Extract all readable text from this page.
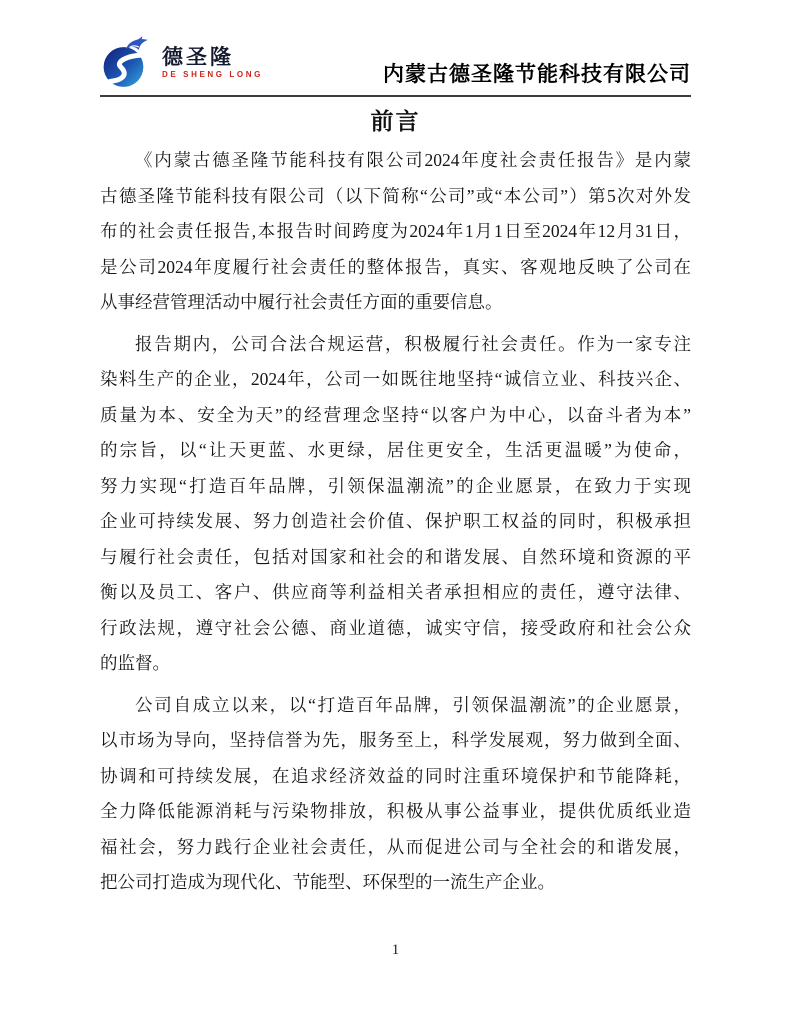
德圣隆
DE SHENG LONG	内蒙古德圣隆节能科技有限公司
前言
《内蒙古德圣隆节能科技有限公司2024年度社会责任报告》是内蒙
古德圣隆节能科技有限公司（以下简称“公司”或“本公司”）第5次对外发
布的社会责任报告,本报告时间跨度为2024年1月1日至2024年12月31日，
是公司2024年度履行社会责任的整体报告，真实、客观地反映了公司在
从事经营管理活动中履行社会责任方面的重要信息。
报告期内，公司合法合规运营，积极履行社会责任。作为一家专注
染料生产的企业，2024年，公司一如既往地坚持“诚信立业、科技兴企、
质量为本、安全为天”的经营理念坚持“以客户为中心，以奋斗者为本”
的宗旨，以“让天更蓝、水更绿，居住更安全，生活更温暖”为使命，
努力实现“打造百年品牌，引领保温潮流”的企业愿景，在致力于实现
企业可持续发展、努力创造社会价值、保护职工权益的同时，积极承担
与履行社会责任，包括对国家和社会的和谐发展、自然环境和资源的平
衡以及员工、客户、供应商等利益相关者承担相应的责任，遵守法律、
行政法规，遵守社会公德、商业道德，诚实守信，接受政府和社会公众
的监督。
公司自成立以来，以“打造百年品牌，引领保温潮流”的企业愿景，
以市场为导向，坚持信誉为先，服务至上，科学发展观，努力做到全面、
协调和可持续发展，在追求经济效益的同时注重环境保护和节能降耗，
全力降低能源消耗与污染物排放，积极从事公益事业，提供优质纸业造
福社会，努力践行企业社会责任，从而促进公司与全社会的和谐发展，
把公司打造成为现代化、节能型、环保型的一流生产企业。
1
